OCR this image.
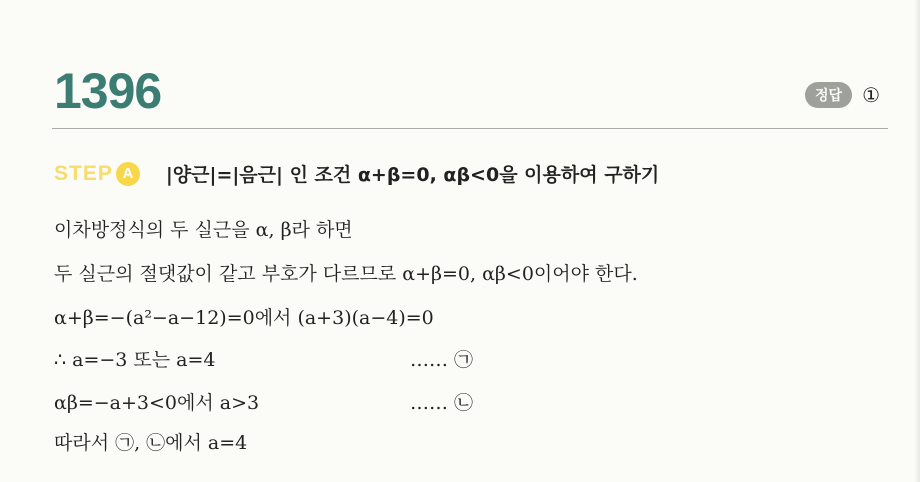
1396	정답	①
STEP A	|양근|=|음근| 인 조건 α+β=0, αβ<0을 이용하여 구하기
이차방정식의 두 실근을 α, β라 하면
두 실근의 절댓값이 같고 부호가 다르므로 α+β=0, αβ<0이어야 한다.
α+β=−(a²−a−12)=0에서 (a+3)(a−4)=0
∴ a=−3 또는 a=4	…… ㉠
αβ=−a+3<0에서 a>3	…… ㉡
따라서 ㉠, ㉡에서 a=4
